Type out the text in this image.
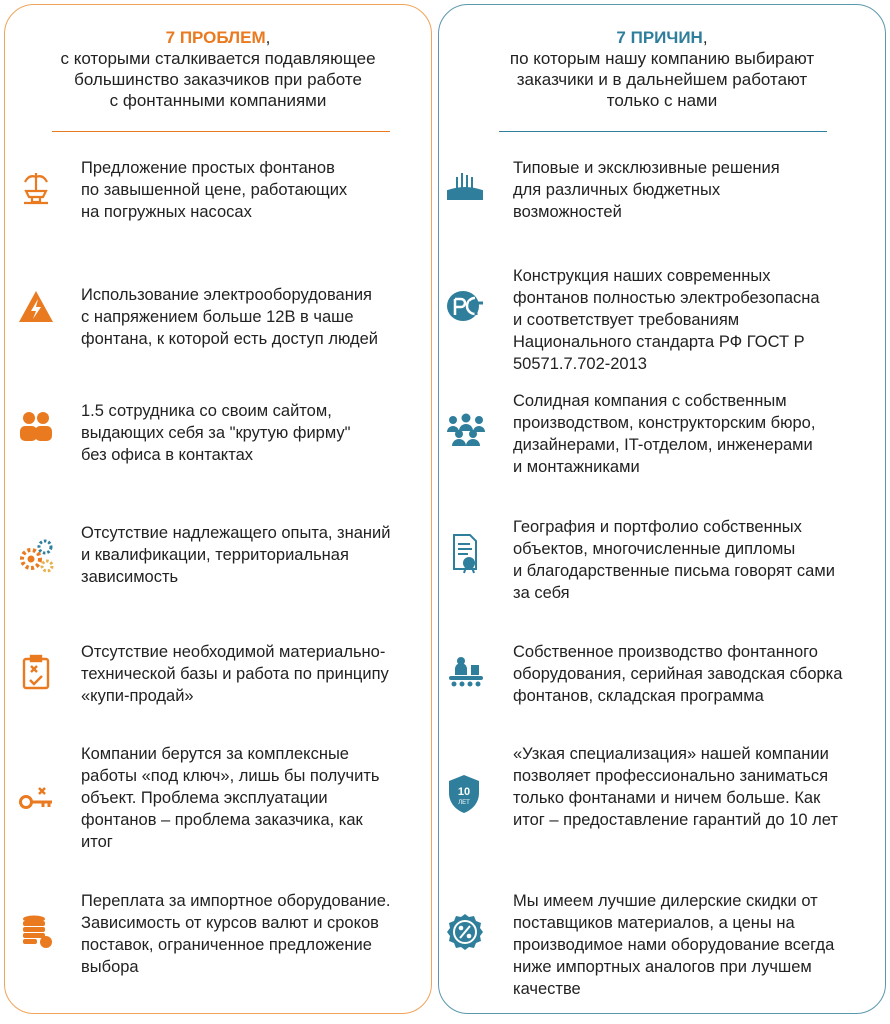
7 ПРОБЛЕМ,
с которыми сталкивается подавляющее
большинство заказчиков при работе
с фонтанными компаниями
Предложение простых фонтанов
по завышенной цене, работающих
на погружных насосах
Использование электрооборудования
с напряжением больше 12В в чаше
фонтана, к которой есть доступ людей
1.5 сотрудника со своим сайтом,
выдающих себя за "крутую фирму"
без офиса в контактах
Отсутствие надлежащего опыта, знаний
и квалификации, территориальная
зависимость
Отсутствие необходимой материально-
технической базы и работа по принципу
«купи-продай»
Компании берутся за комплексные
работы «под ключ», лишь бы получить
объект. Проблема эксплуатации
фонтанов – проблема заказчика, как
итог
Переплата за импортное оборудование.
Зависимость от курсов валют и сроков
поставок, ограниченное предложение
выбора
7 ПРИЧИН,
по которым нашу компанию выбирают
заказчики и в дальнейшем работают
только с нами
Типовые и эксклюзивные решения
для различных бюджетных
возможностей
Конструкция наших современных
фонтанов полностью электробезопасна
и соответствует требованиям
Национального стандарта РФ ГОСТ Р
50571.7.702-2013
Солидная компания с собственным
производством, конструкторским бюро,
дизайнерами, IT-отделом, инженерами
и монтажниками
География и портфолио собственных
объектов, многочисленные дипломы
и благодарственные письма говорят сами
за себя
Собственное производство фонтанного
оборудования, серийная заводская сборка
фонтанов, складская программа
10
ЛЕТ
«Узкая специализация» нашей компании
позволяет профессионально заниматься
только фонтанами и ничем больше. Как
итог – предоставление гарантий до 10 лет
Мы имеем лучшие дилерские скидки от
поставщиков материалов, а цены на
производимое нами оборудование всегда
ниже импортных аналогов при лучшем
качестве
